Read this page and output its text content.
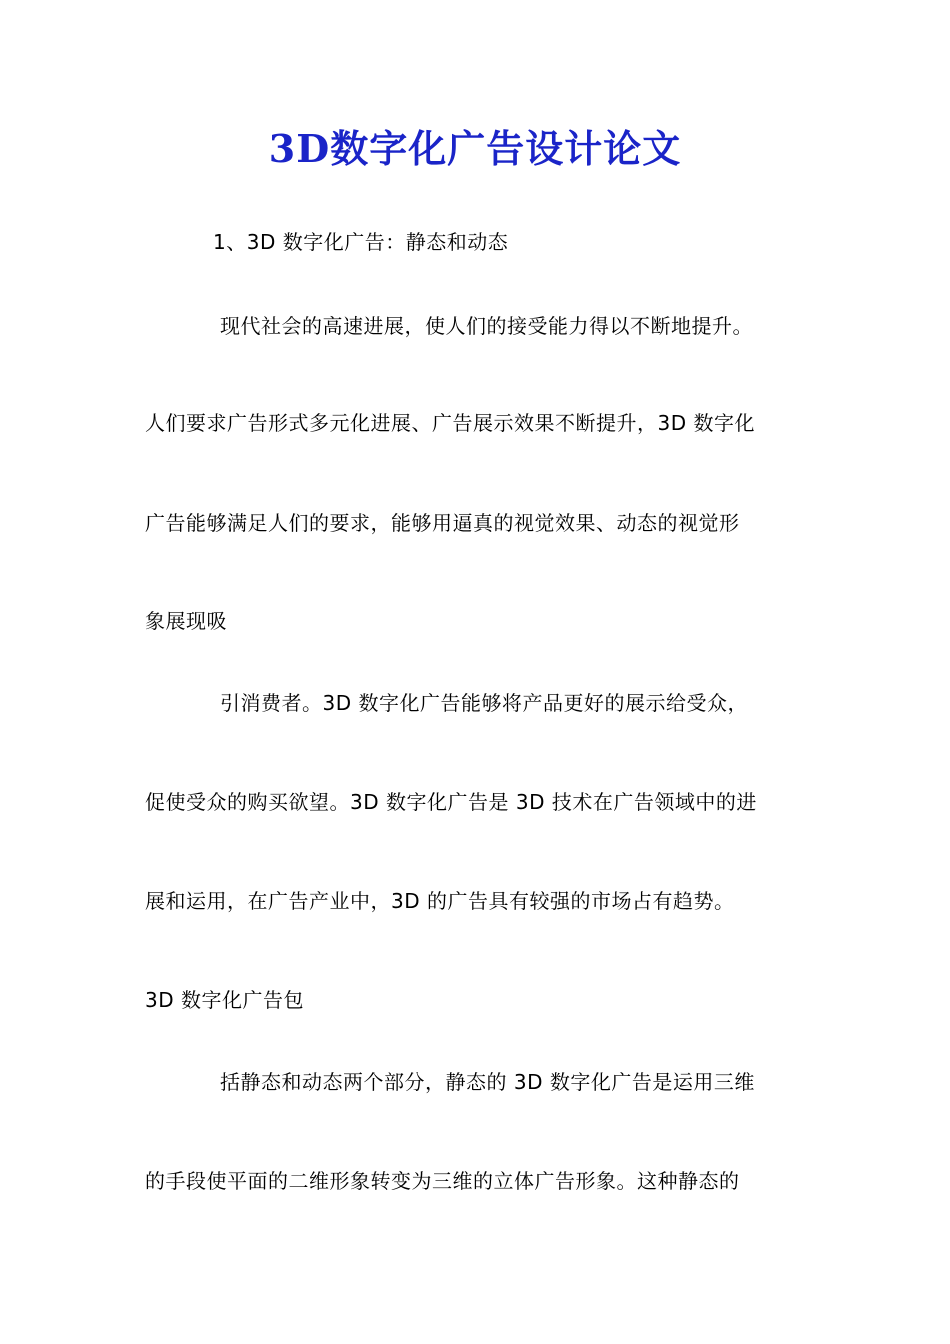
3D数字化广告设计论文
1、3D 数字化广告：静态和动态
现代社会的高速进展，使人们的接受能力得以不断地提升。
人们要求广告形式多元化进展、广告展示效果不断提升，3D 数字化
广告能够满足人们的要求，能够用逼真的视觉效果、动态的视觉形
象展现吸
引消费者。3D 数字化广告能够将产品更好的展示给受众，
促使受众的购买欲望。3D 数字化广告是 3D 技术在广告领域中的进
展和运用，在广告产业中，3D 的广告具有较强的市场占有趋势。
3D 数字化广告包
括静态和动态两个部分，静态的 3D 数字化广告是运用三维
的手段使平面的二维形象转变为三维的立体广告形象。这种静态的
